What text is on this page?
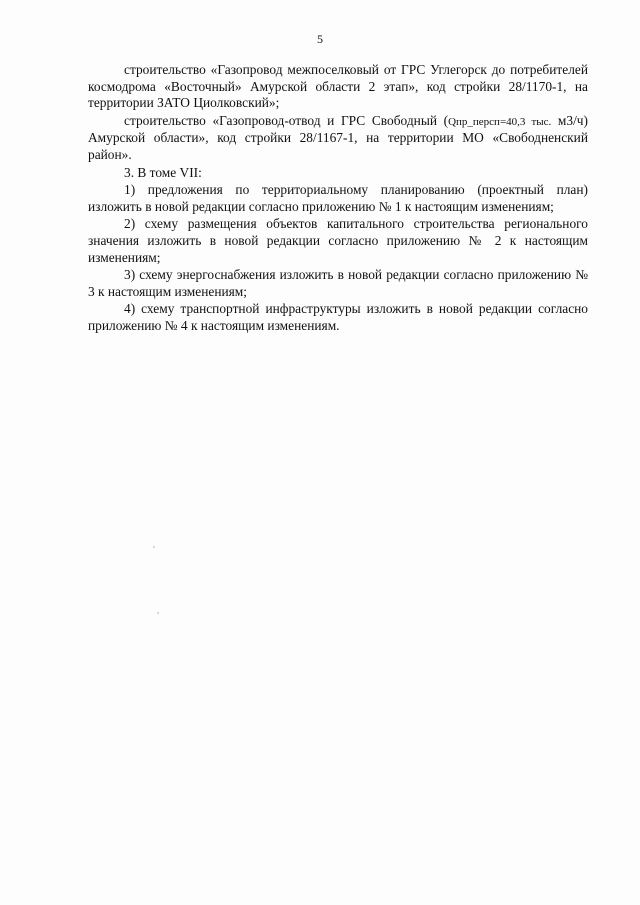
5

строительство «Газопровод межпоселковый от ГРС Углегорск до потребителей космодрома «Восточный» Амурской области 2 этап», код стройки 28/1170-1, на территории ЗАТО Циолковский»;

строительство «Газопровод-отвод и ГРС Свободный (Qпр_персп=40,3 тыс. м3/ч) Амурской области», код стройки 28/1167-1, на территории МО «Свободненский район».

3. В томе VII:

1) предложения по территориальному планированию (проектный план) изложить в новой редакции согласно приложению № 1 к настоящим изменениям;

2) схему размещения объектов капитального строительства регионального значения изложить в новой редакции согласно приложению № 2 к настоящим изменениям;

3) схему энергоснабжения изложить в новой редакции согласно приложению № 3 к настоящим изменениям;

4) схему транспортной инфраструктуры изложить в новой редакции согласно приложению № 4 к настоящим изменениям.
